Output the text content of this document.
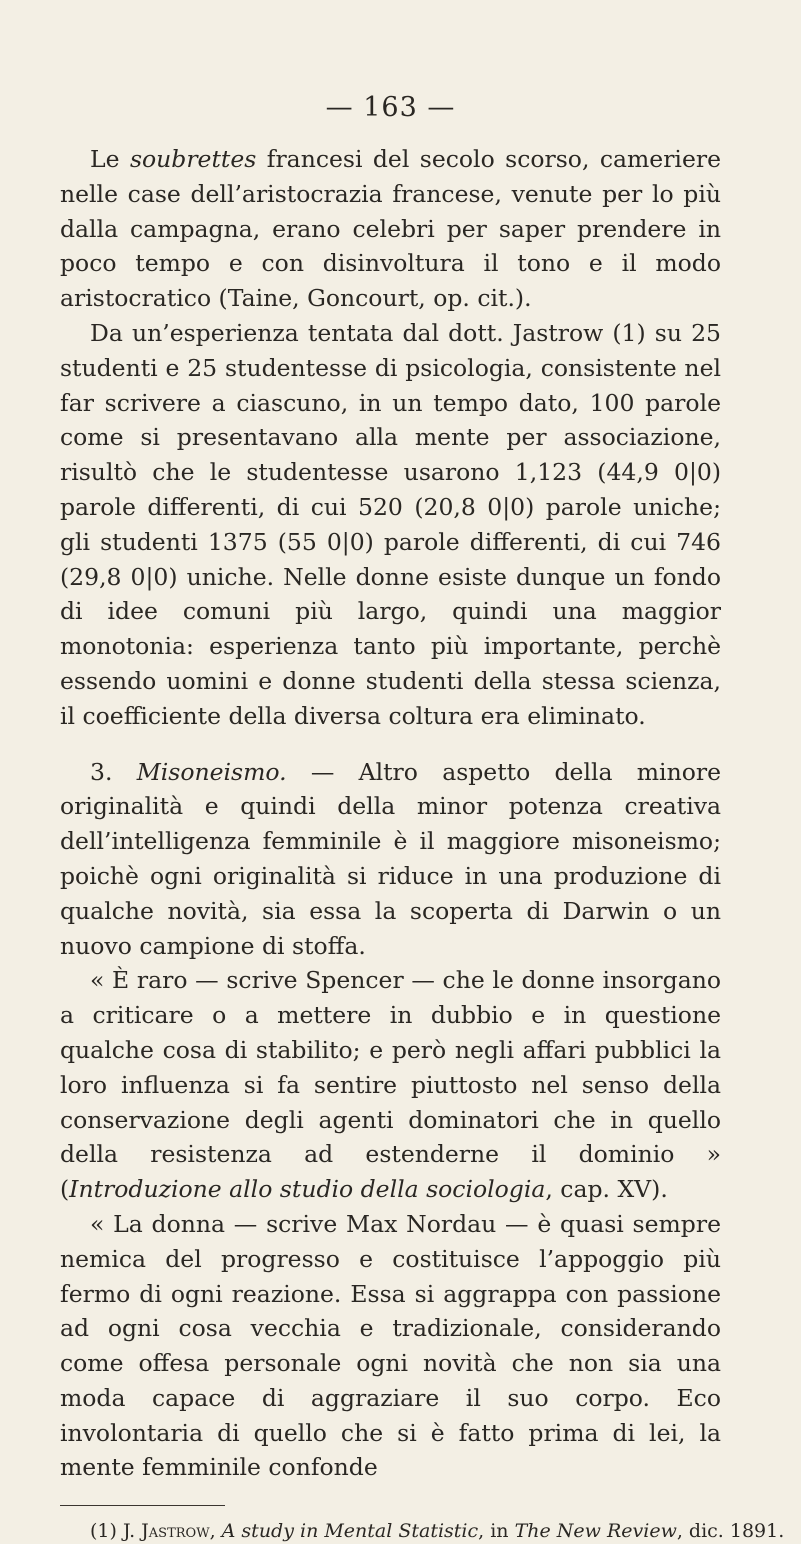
— 163 —

Le soubrettes francesi del secolo scorso, cameriere nelle case dell’aristocrazia francese, venute per lo più dalla campagna, erano celebri per saper prendere in poco tempo e con disinvoltura il tono e il modo aristocratico (Taine, Goncourt, op. cit.).

Da un’esperienza tentata dal dott. Jastrow (1) su 25 studenti e 25 studentesse di psicologia, consistente nel far scrivere a ciascuno, in un tempo dato, 100 parole come si presentavano alla mente per associazione, risultò che le studentesse usarono 1,123 (44,9 0|0) parole differenti, di cui 520 (20,8 0|0) parole uniche; gli studenti 1375 (55 0|0) parole differenti, di cui 746 (29,8 0|0) uniche. Nelle donne esiste dunque un fondo di idee comuni più largo, quindi una maggior monotonia: esperienza tanto più importante, perchè essendo uomini e donne studenti della stessa scienza, il coefficiente della diversa coltura era eliminato.

3. Misoneismo. — Altro aspetto della minore originalità e quindi della minor potenza creativa dell’intelligenza femminile è il maggiore misoneismo; poichè ogni originalità si riduce in una produzione di qualche novità, sia essa la scoperta di Darwin o un nuovo campione di stoffa.

« È raro — scrive Spencer — che le donne insorgano a criticare o a mettere in dubbio e in questione qualche cosa di stabilito; e però negli affari pubblici la loro influenza si fa sentire piuttosto nel senso della conservazione degli agenti dominatori che in quello della resistenza ad estenderne il dominio » (Introduzione allo studio della sociologia, cap. XV).

« La donna — scrive Max Nordau — è quasi sempre nemica del progresso e costituisce l’appoggio più fermo di ogni reazione. Essa si aggrappa con passione ad ogni cosa vecchia e tradizionale, considerando come offesa personale ogni novità che non sia una moda capace di aggraziare il suo corpo. Eco involontaria di quello che si è fatto prima di lei, la mente femminile confonde

(1) J. Jastrow, A study in Mental Statistic, in The New Review, dic. 1891.
